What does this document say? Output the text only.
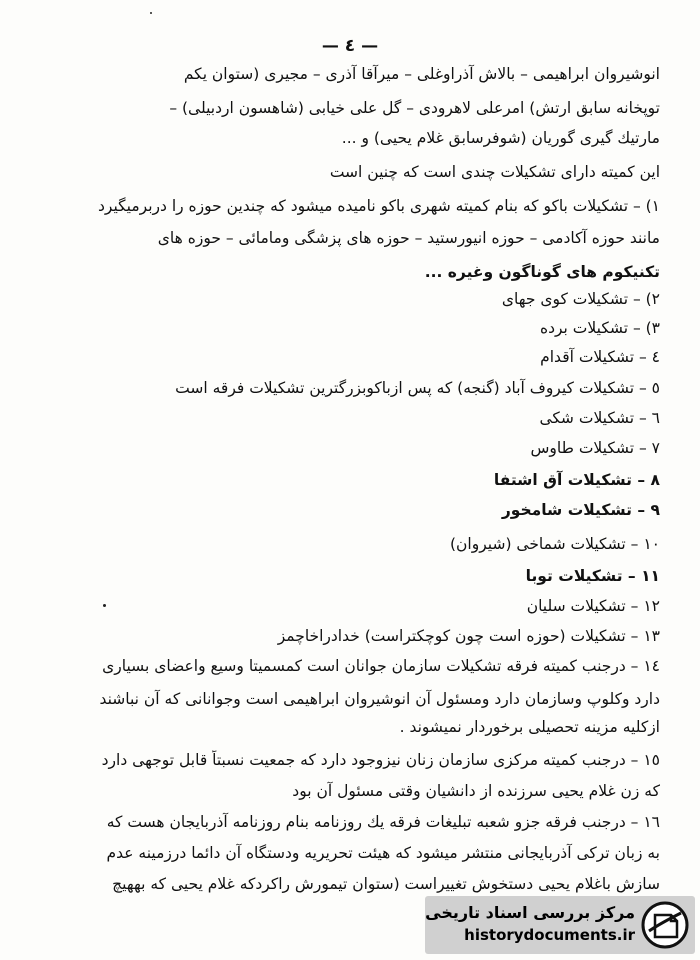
— ٤ —
انوشیروان ابراهیمی – بالاش آذراوغلی – میرآقا آذری – مجیری (ستوان یکم
توپخانه سابق ارتش) امرعلی لاهرودی – گل علی خیابی (شاهسون اردبیلی) –
مارتیك گیری گوریان (شوفرسابق غلام یحیی) و ...
این کمیته دارای تشکیلات چندی است که چنین است
۱) – تشکیلات باکو که بنام کمیته شهری باکو نامیده میشود که چندین حوزه را دربرمیگیرد
مانند حوزه آکادمی – حوزه انیورستید – حوزه های پزشگی ومامائی – حوزه های
تکنیکوم های گوناگون وغیره ...
۲) – تشکیلات کوی جهای
۳) – تشکیلات برده
٤ – تشکیلات آقدام
٥ – تشکیلات کیروف آباد (گنجه) که پس ازباکوبزرگترین تشکیلات فرقه است
٦ – تشکیلات شکی
۷ – تشکیلات طاوس
۸ – تشکیلات آق اشتفا
۹ – تشکیلات شامخور
۱۰ – تشکیلات شماخی (شیروان)
۱۱ – تشکیلات توبا
۱۲ – تشکیلات سلیان
۱۳ – تشکیلات (حوزه است چون کوچکتراست) خدادراخاچمز
۱٤ – درجنب کمیته فرقه تشکیلات سازمان جوانان است کمسمیتا وسیع واعضای بسیاری
دارد وکلوپ وسازمان دارد ومسئول آن انوشیروان ابراهیمی است وجوانانی که آن نباشند
ازکلیه مزینه تحصیلی برخوردار نمیشوند .
۱٥ – درجنب کمیته مرکزی سازمان زنان نیزوجود دارد که جمعیت نسبتاً قابل توجهی دارد
که زن غلام یحیی سرزنده از دانشیان وقتی مسئول آن بود
۱٦ – درجنب فرقه جزو شعبه تبلیغات فرقه یك روزنامه بنام روزنامه آذربایجان هست که
به زبان ترکی آذربایجانی منتشر میشود که هیئت تحریریه ودستگاه آن دائما درزمینه عدم
سازش باغلام یحیی دستخوش تغییراست (ستوان تیمورش راکردکه غلام یحیی که بههیچ
مرکز بررسی اسناد تاریخی
historydocuments.ir
